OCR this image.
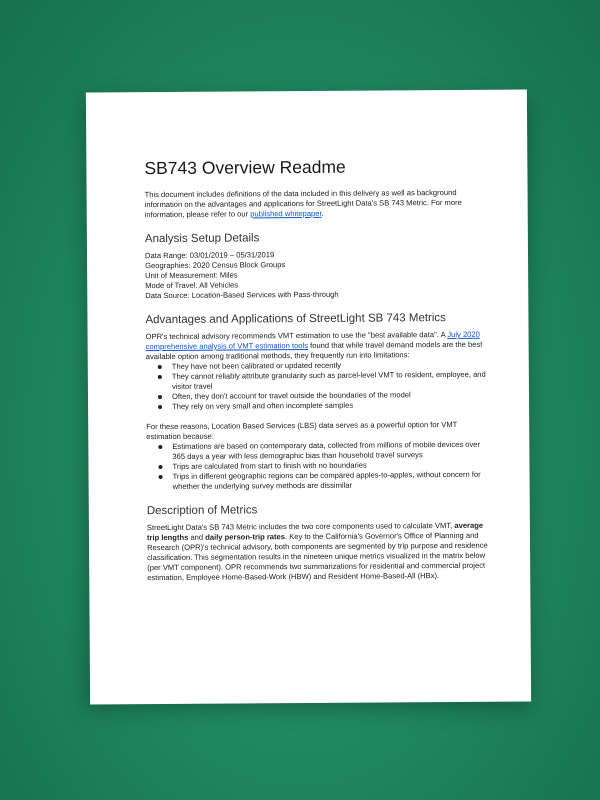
SB743 Overview Readme

This document includes definitions of the data included in this delivery as well as background information on the advantages and applications for StreetLight Data's SB 743 Metric. For more information, please refer to our published whitepaper.

Analysis Setup Details

Data Range: 03/01/2019 – 05/31/2019

Geographies: 2020 Census Block Groups

Unit of Measurement: Miles

Mode of Travel: All Vehicles

Data Source: Location-Based Services with Pass-through

Advantages and Applications of StreetLight SB 743 Metrics

OPR's technical advisory recommends VMT estimation to use the "best available data". A July 2020 comprehensive analysis of VMT estimation tools found that while travel demand models are the best available option among traditional methods, they frequently run into limitations:

They have not been calibrated or updated recently
They cannot reliably attribute granularity such as parcel-level VMT to resident, employee, and visitor travel
Often, they don't account for travel outside the boundaries of the model
They rely on very small and often incomplete samples

For these reasons, Location Based Services (LBS) data serves as a powerful option for VMT estimation because:

Estimations are based on contemporary data, collected from millions of mobile devices over 365 days a year with less demographic bias than household travel surveys
Trips are calculated from start to finish with no boundaries
Trips in different geographic regions can be compared apples-to-apples, without concern for whether the underlying survey methods are dissimilar
Description of Metrics

StreetLight Data's SB 743 Metric includes the two core components used to calculate VMT, average trip lengths and daily person-trip rates. Key to the California's Governor's Office of Planning and Research (OPR)'s technical advisory, both components are segmented by trip purpose and residence classification. This segmentation results in the nineteen unique metrics visualized in the matrix below (per VMT component). OPR recommends two summarizations for residential and commercial project estimation, Employee Home-Based-Work (HBW) and Resident Home-Based-All (HBx).
